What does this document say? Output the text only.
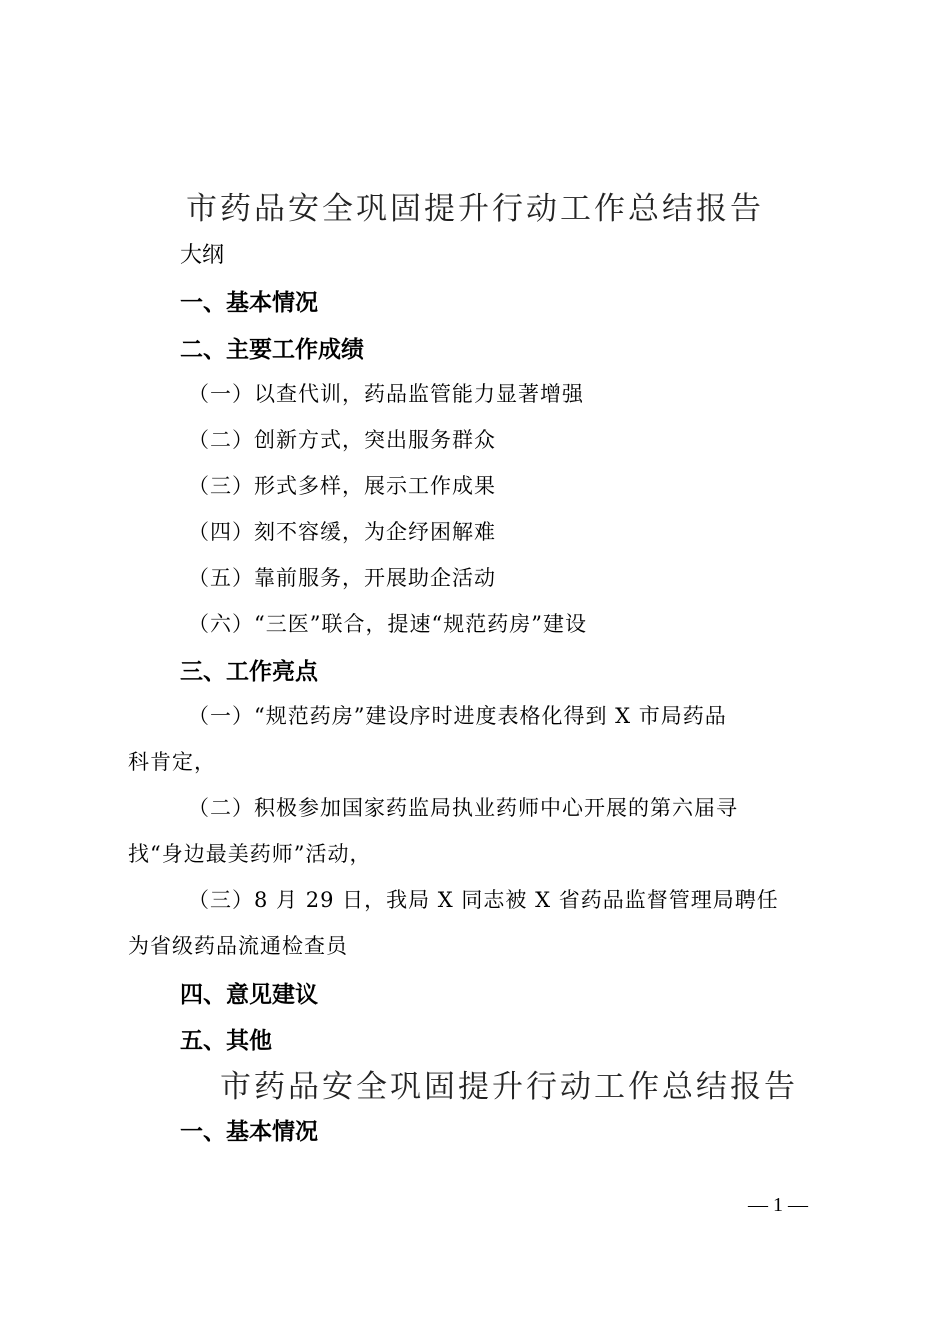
市药品安全巩固提升行动工作总结报告
大纲
一、基本情况
二、主要工作成绩
（一）以查代训，药品监管能力显著增强
（二）创新方式，突出服务群众
（三）形式多样，展示工作成果
（四）刻不容缓，为企纾困解难
（五）靠前服务，开展助企活动
（六）“三医”联合，提速“规范药房”建设
三、工作亮点
（一）“规范药房”建设序时进度表格化得到 X 市局药品
科肯定，
（二）积极参加国家药监局执业药师中心开展的第六届寻
找“身边最美药师”活动，
（三）8 月 29 日，我局 X 同志被 X 省药品监督管理局聘任
为省级药品流通检查员
四、意见建议
五、其他
市药品安全巩固提升行动工作总结报告
一、基本情况
— 1 —
